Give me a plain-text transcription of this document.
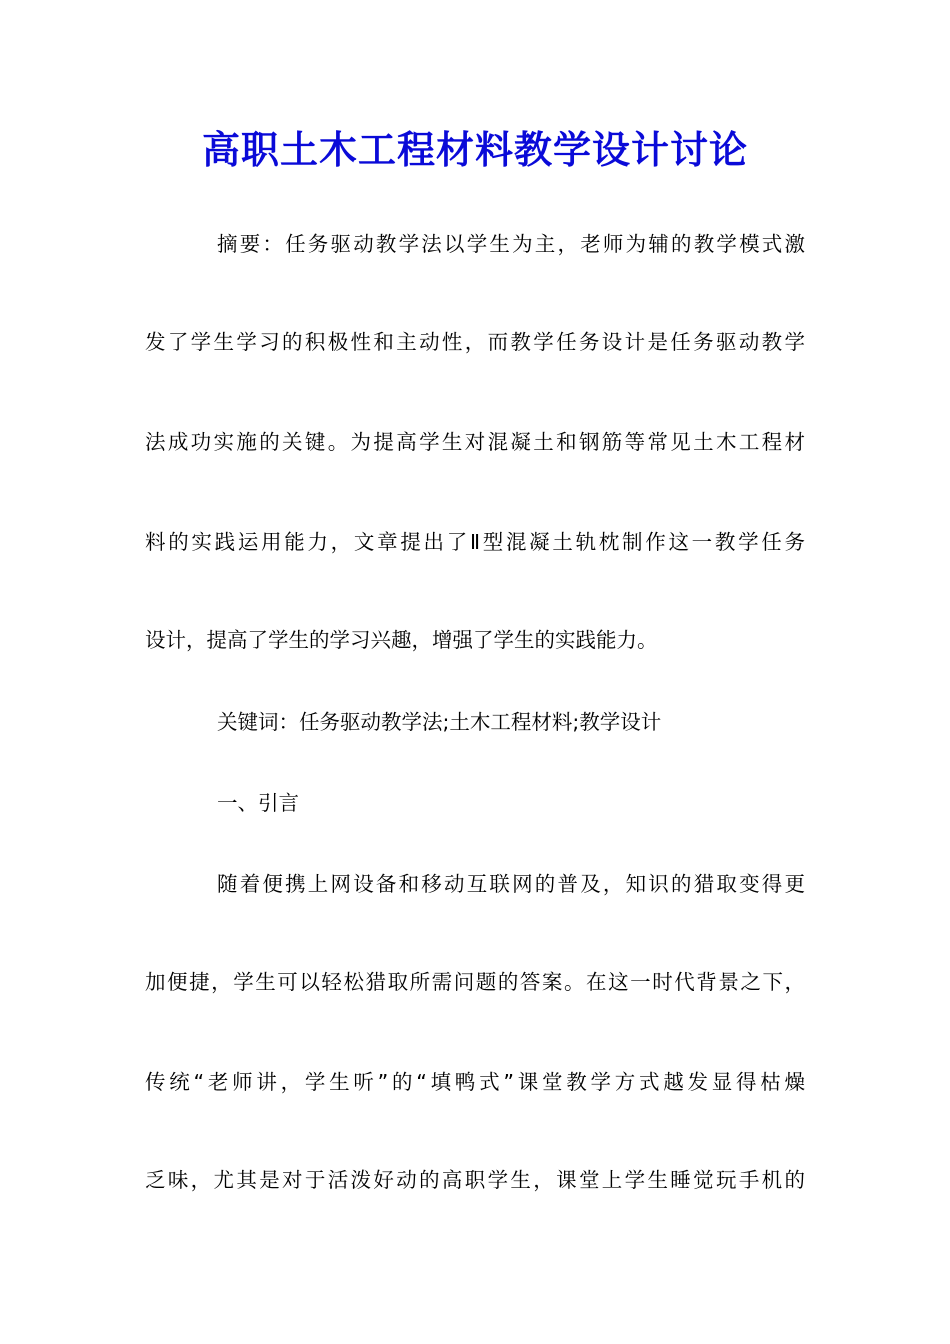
高职土木工程材料教学设计讨论
摘要：任务驱动教学法以学生为主，老师为辅的教学模式激
发了学生学习的积极性和主动性，而教学任务设计是任务驱动教学
法成功实施的关键。为提高学生对混凝土和钢筋等常见土木工程材
料的实践运用能力，文章提出了Ⅱ型混凝土轨枕制作这一教学任务
设计，提高了学生的学习兴趣，增强了学生的实践能力。
关键词：任务驱动教学法;土木工程材料;教学设计
一、引言
随着便携上网设备和移动互联网的普及，知识的猎取变得更
加便捷，学生可以轻松猎取所需问题的答案。在这一时代背景之下，
传统“老师讲，学生听”的“填鸭式”课堂教学方式越发显得枯燥
乏味，尤其是对于活泼好动的高职学生，课堂上学生睡觉玩手机的
